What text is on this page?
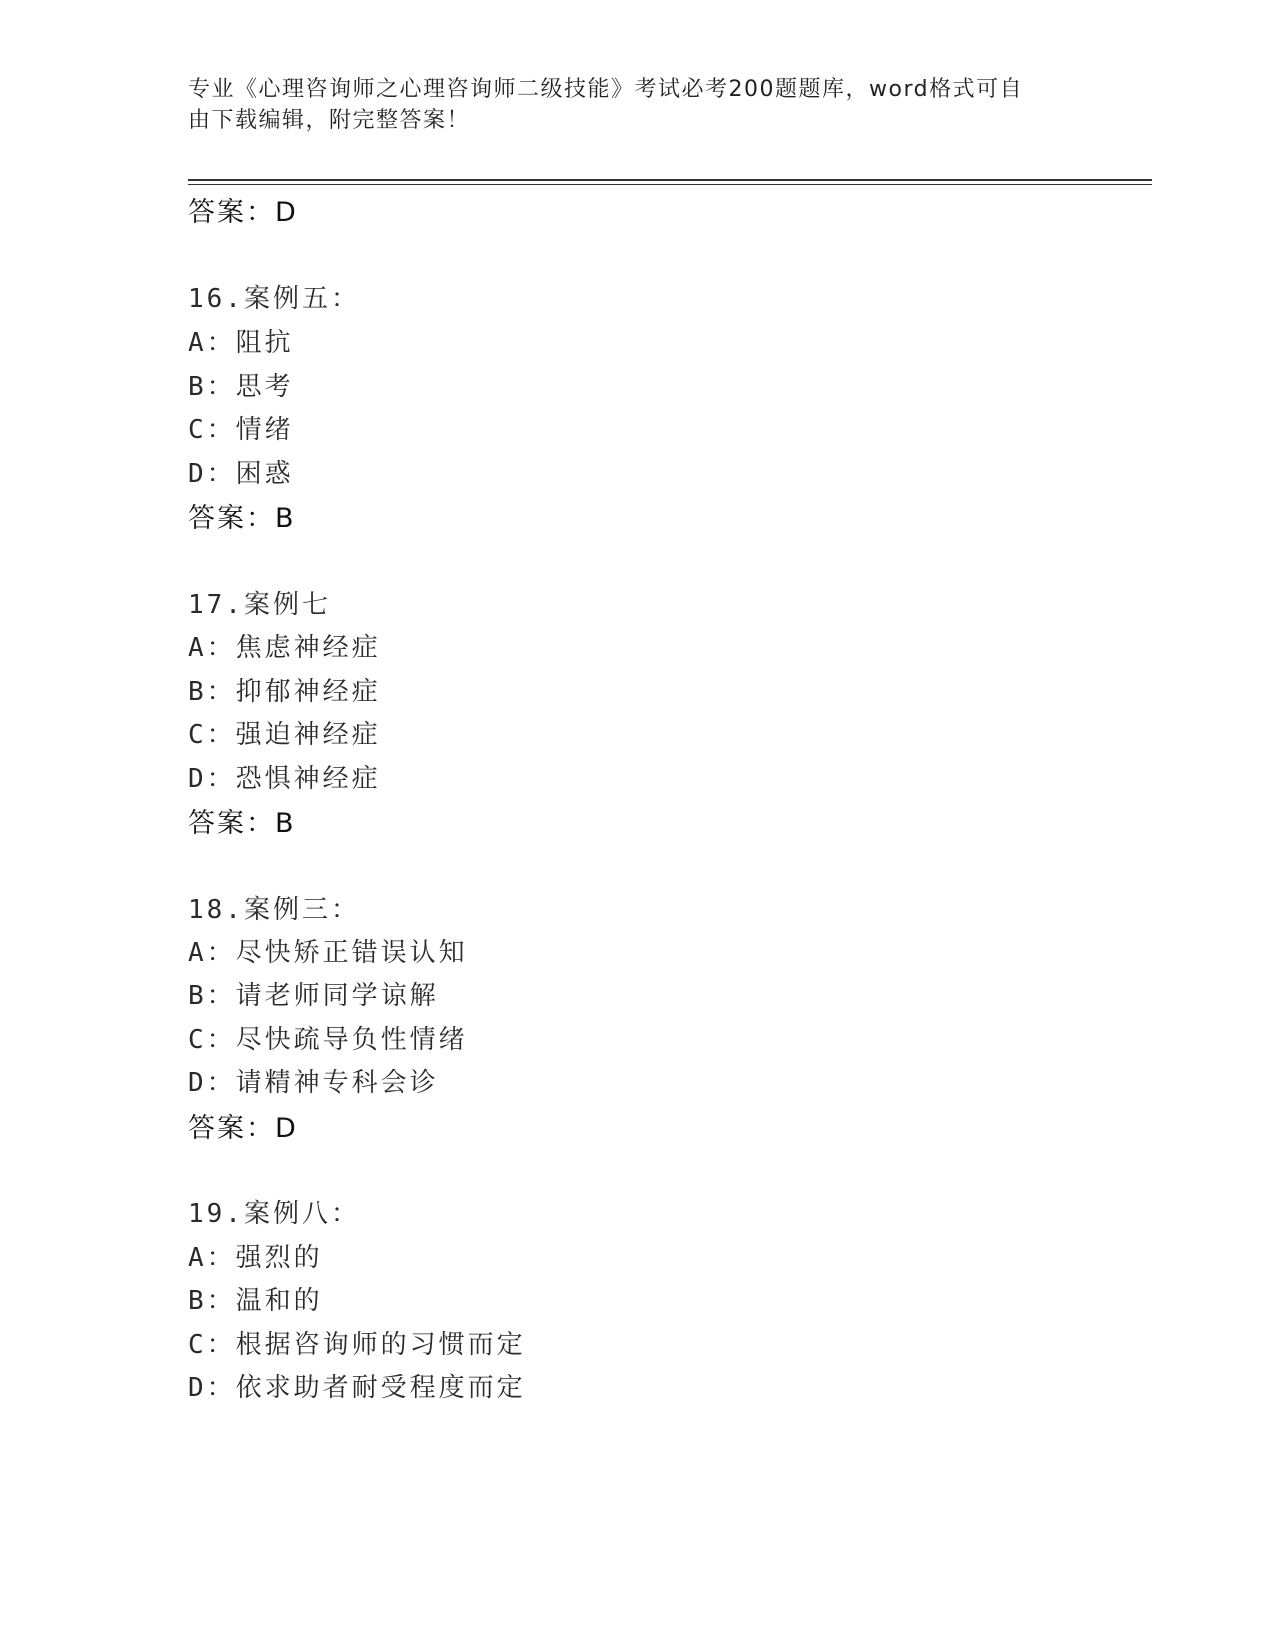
专业《心理咨询师之心理咨询师二级技能》考试必考200题题库，word格式可自
由下载编辑，附完整答案！
答案：D
16.案例五：
A：阻抗
B：思考
C：情绪
D：困惑
答案：B
17.案例七
A：焦虑神经症
B：抑郁神经症
C：强迫神经症
D：恐惧神经症
答案：B
18.案例三：
A：尽快矫正错误认知
B：请老师同学谅解
C：尽快疏导负性情绪
D：请精神专科会诊
答案：D
19.案例八：
A：强烈的
B：温和的
C：根据咨询师的习惯而定
D：依求助者耐受程度而定
